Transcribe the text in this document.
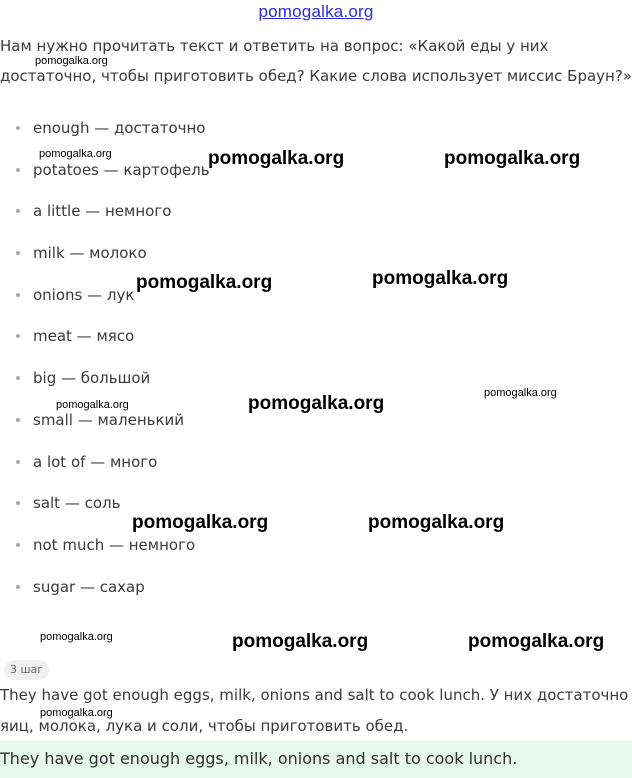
pomogalka.org

Нам нужно прочитать текст и ответить на вопрос: «Какой еды у них достаточно, чтобы приготовить обед? Какие слова использует миссис Браун?»

enough — достаточно
potatoes — картофель
a little — немного
milk — молоко
onions — лук
meat — мясо
big — большой
small — маленький
a lot of — много
salt — соль
not much — немного
sugar — сахар
3 шаг

They have got enough eggs, milk, onions and salt to cook lunch. У них достаточно яиц, молока, лука и соли, чтобы приготовить обед.

They have got enough eggs, milk, onions and salt to cook lunch.
pomogalka.org
pomogalka.org	pomogalka.org	pomogalka.org
pomogalka.org	pomogalka.org
pomogalka.org	pomogalka.org	pomogalka.org
pomogalka.org	pomogalka.org
pomogalka.org	pomogalka.org	pomogalka.org
pomogalka.org
